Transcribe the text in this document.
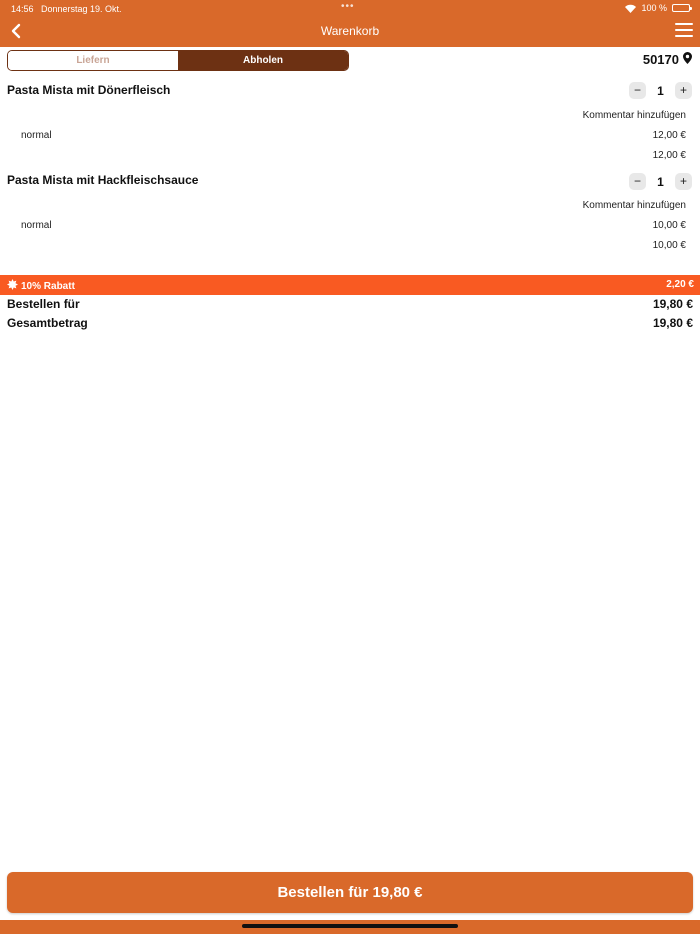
14:56 Donnerstag 19. Okt.	•••	100 %
Warenkorb
Liefern	Abholen	50170
Pasta Mista mit Dönerfleisch	−	1	+
Kommentar hinzufügen
normal	12,00 €
12,00 €
Pasta Mista mit Hackfleischsauce	−	1	+
Kommentar hinzufügen
normal	10,00 €
10,00 €
10% Rabatt	2,20 €
Bestellen für	19,80 €
Gesamtbetrag	19,80 €
Bestellen für 19,80 €
